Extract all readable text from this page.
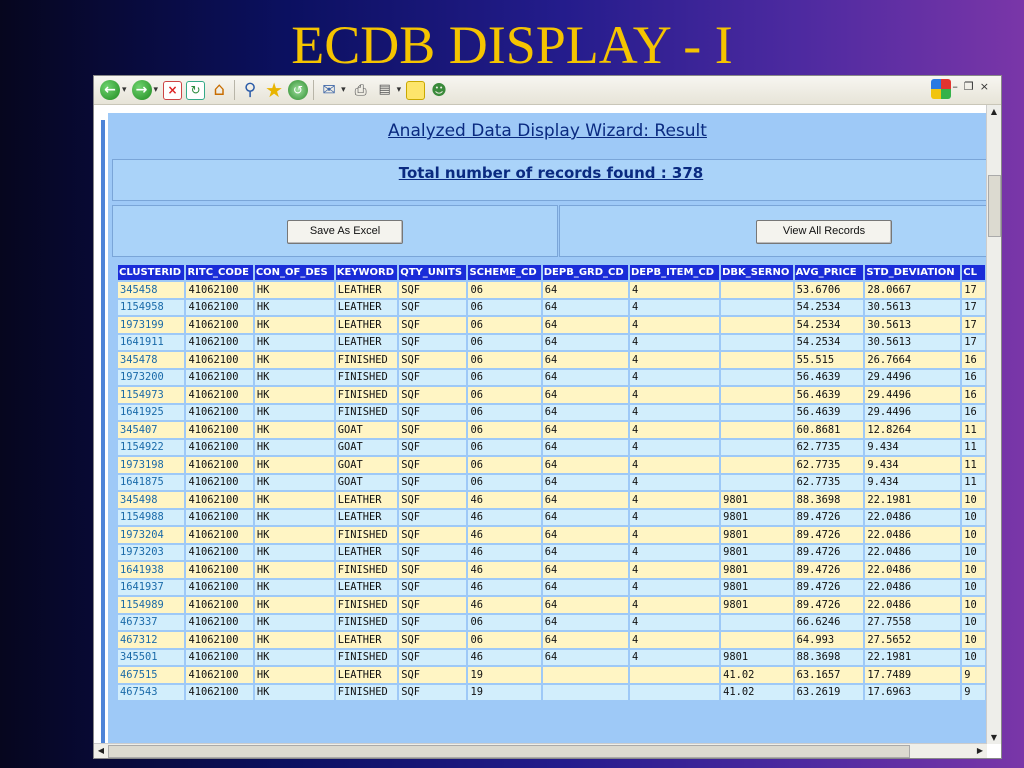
ECDB DISPLAY - I
← ▾ → ▾ ×	↻ ⌂ ⚲ ★ ↺	✉ ▾ ⎙ ▤ ▾ ☻	–❐×
Analyzed Data Display Wizard: Result
Total number of records found : 378
Save As Excel	View All Records
CLUSTERID	RITC_CODE	CON_OF_DES	KEYWORD	QTY_UNITS	SCHEME_CD	DEPB_GRD_CD	DEPB_ITEM_CD	DBK_SERNO	AVG_PRICE	STD_DEVIATION	CL
345458	41062100	HK	LEATHER	SQF	06	64	4		53.6706	28.0667	17
1154958	41062100	HK	LEATHER	SQF	06	64	4		54.2534	30.5613	17
1973199	41062100	HK	LEATHER	SQF	06	64	4		54.2534	30.5613	17
1641911	41062100	HK	LEATHER	SQF	06	64	4		54.2534	30.5613	17
345478	41062100	HK	FINISHED	SQF	06	64	4		55.515	26.7664	16
1973200	41062100	HK	FINISHED	SQF	06	64	4		56.4639	29.4496	16
1154973	41062100	HK	FINISHED	SQF	06	64	4		56.4639	29.4496	16
1641925	41062100	HK	FINISHED	SQF	06	64	4		56.4639	29.4496	16
345407	41062100	HK	GOAT	SQF	06	64	4		60.8681	12.8264	11
1154922	41062100	HK	GOAT	SQF	06	64	4		62.7735	9.434	11
1973198	41062100	HK	GOAT	SQF	06	64	4		62.7735	9.434	11
1641875	41062100	HK	GOAT	SQF	06	64	4		62.7735	9.434	11
345498	41062100	HK	LEATHER	SQF	46	64	4	9801	88.3698	22.1981	10
1154988	41062100	HK	LEATHER	SQF	46	64	4	9801	89.4726	22.0486	10
1973204	41062100	HK	FINISHED	SQF	46	64	4	9801	89.4726	22.0486	10
1973203	41062100	HK	LEATHER	SQF	46	64	4	9801	89.4726	22.0486	10
1641938	41062100	HK	FINISHED	SQF	46	64	4	9801	89.4726	22.0486	10
1641937	41062100	HK	LEATHER	SQF	46	64	4	9801	89.4726	22.0486	10
1154989	41062100	HK	FINISHED	SQF	46	64	4	9801	89.4726	22.0486	10
467337	41062100	HK	FINISHED	SQF	06	64	4		66.6246	27.7558	10
467312	41062100	HK	LEATHER	SQF	06	64	4		64.993	27.5652	10
345501	41062100	HK	FINISHED	SQF	46	64	4	9801	88.3698	22.1981	10
467515	41062100	HK	LEATHER	SQF	19			41.02	63.1657	17.7489	9
467543	41062100	HK	FINISHED	SQF	19			41.02	63.2619	17.6963	9
▲
▼
◀	▶
